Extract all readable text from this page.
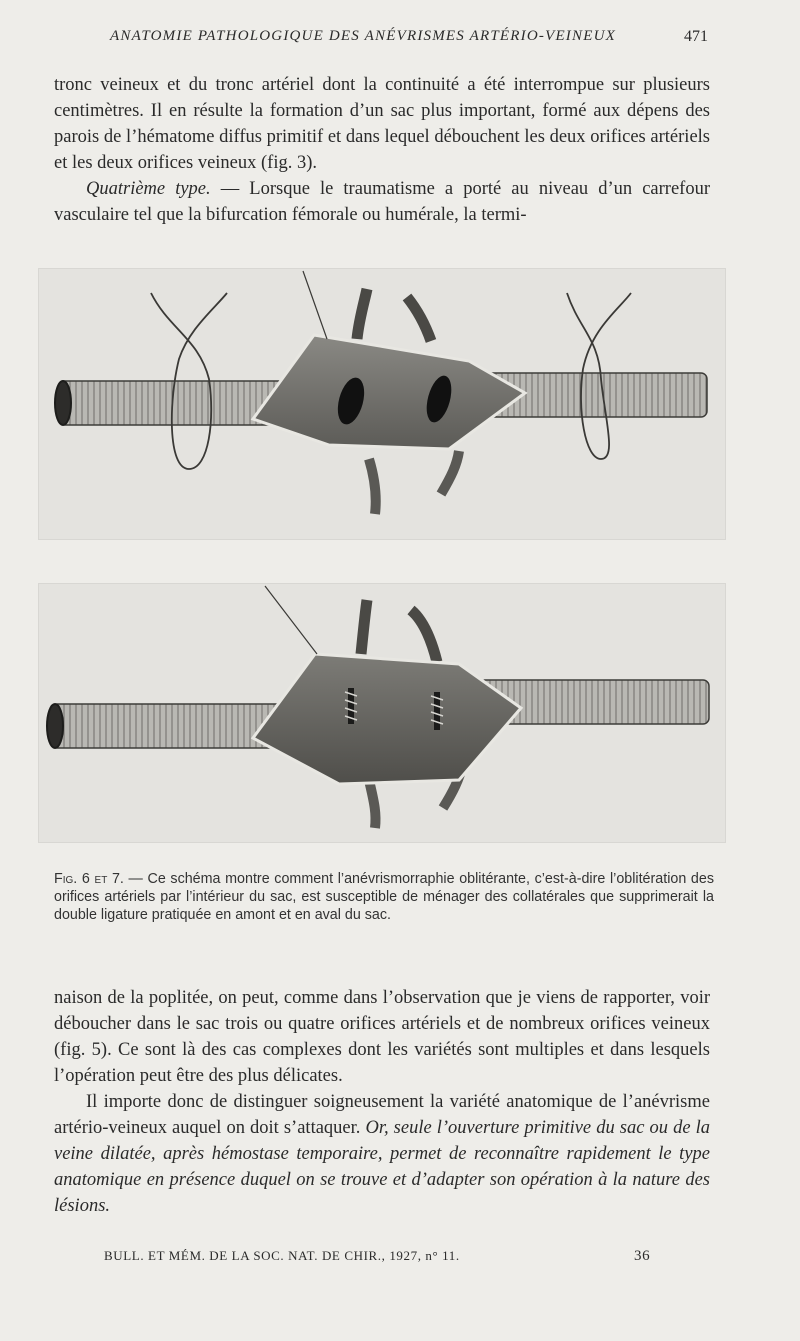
ANATOMIE PATHOLOGIQUE DES ANÉVRISMES ARTÉRIO-VEINEUX	471

tronc veineux et du tronc artériel dont la continuité a été interrompue sur plusieurs centimètres. Il en résulte la formation d’un sac plus important, formé aux dépens des parois de l’hématome diffus primitif et dans lequel débouchent les deux orifices artériels et les deux orifices veineux (fig. 3).

Quatrième type. — Lorsque le traumatisme a porté au niveau d’un carrefour vasculaire tel que la bifurcation fémorale ou humérale, la termi-

Fig. 6 et 7. — Ce schéma montre comment l’anévrismorraphie oblitérante, c’est-à-dire l’oblitération des orifices artériels par l’intérieur du sac, est susceptible de ménager des collatérales que supprimerait la double ligature pratiquée en amont et en aval du sac.

naison de la poplitée, on peut, comme dans l’observation que je viens de rapporter, voir déboucher dans le sac trois ou quatre orifices artériels et de nombreux orifices veineux (fig. 5). Ce sont là des cas complexes dont les variétés sont multiples et dans lesquels l’opération peut être des plus délicates.

Il importe donc de distinguer soigneusement la variété anatomique de l’anévrisme artério-veineux auquel on doit s’attaquer. Or, seule l’ouverture primitive du sac ou de la veine dilatée, après hémostase temporaire, permet de reconnaître rapidement le type anatomique en présence duquel on se trouve et d’adapter son opération à la nature des lésions.

BULL. ET MÉM. DE LA SOC. NAT. DE CHIR., 1927, n° 11.	36
